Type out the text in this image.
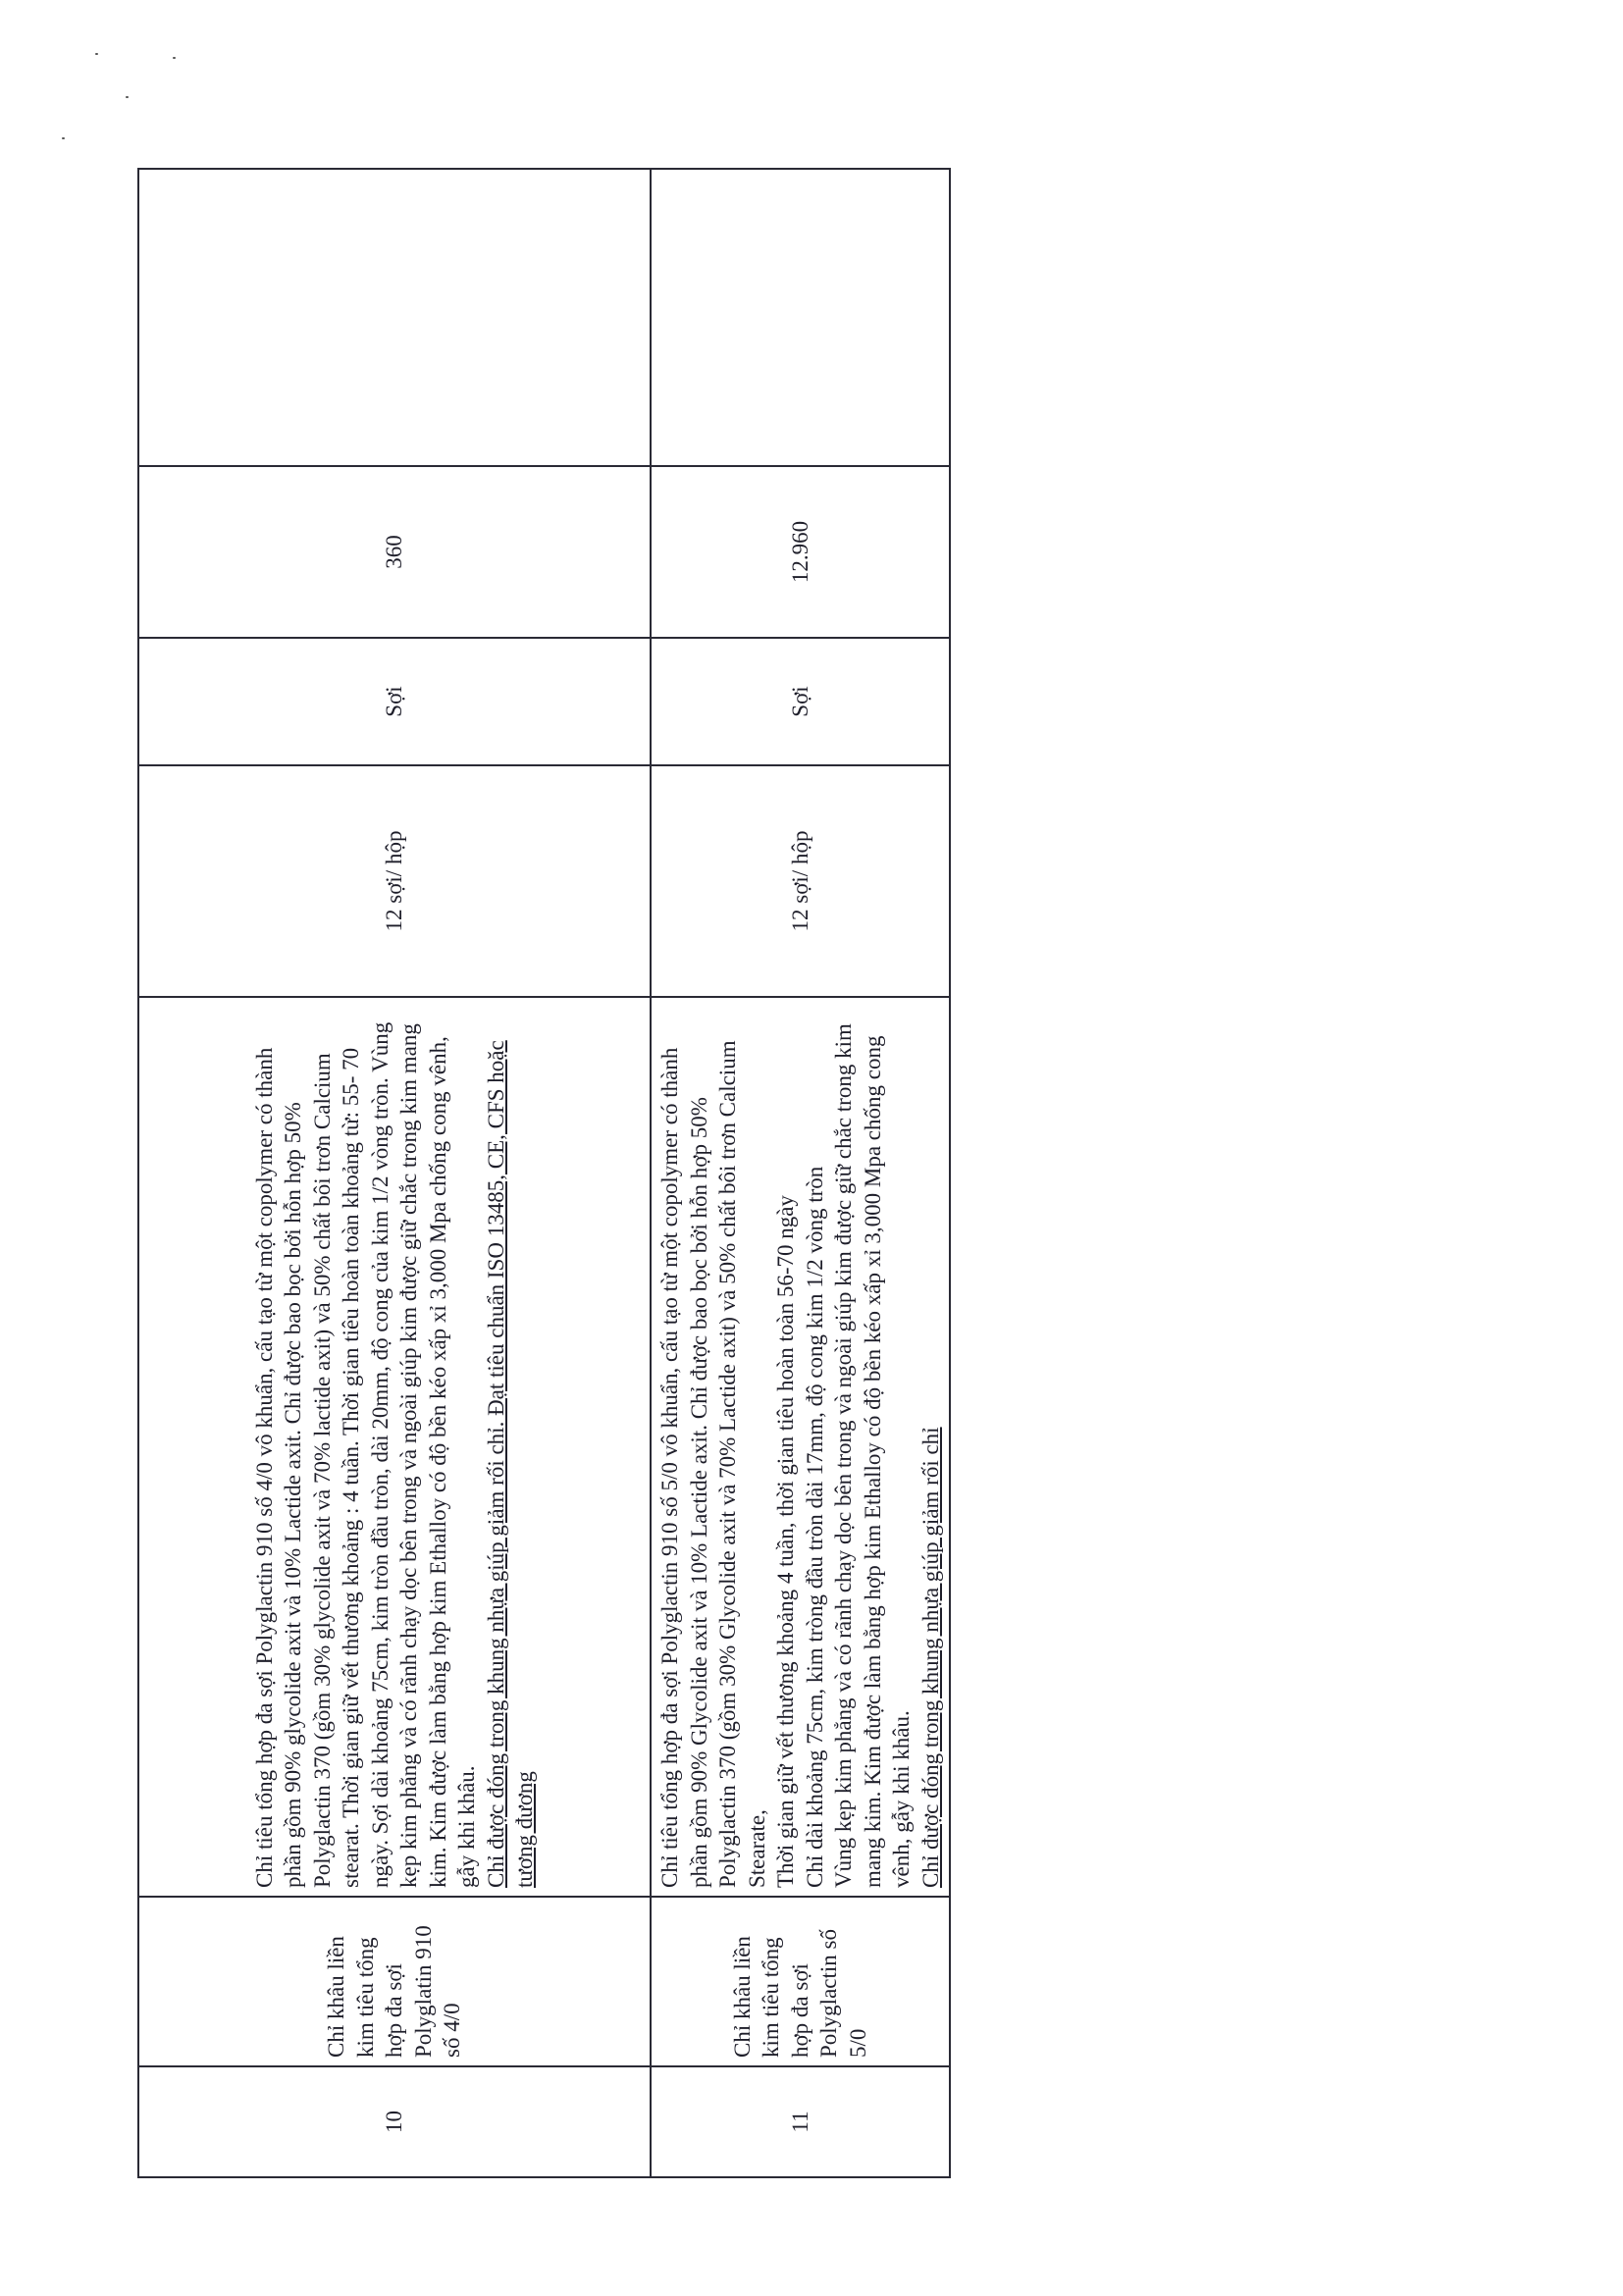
10	Chỉ khâu liền kim tiêu tổng hợp đa sợi Polyglatin 910 số 4/0	Chỉ tiêu tổng hợp đa sợi Polyglactin 910 số 4/0 vô khuẩn, cấu tạo từ một copolymer có thành phần gồm 90% glycolide axit và 10% Lactide axit. Chỉ được bao bọc bởi hỗn hợp 50% Polyglactin 370 (gồm 30% glycolide axit và 70% lactide axit) và 50% chất bôi trơn Calcium stearat. Thời gian giữ vết thương khoảng : 4 tuần. Thời gian tiêu hoàn toàn khoảng từ: 55- 70 ngày. Sợi dài khoảng 75cm, kim tròn đầu tròn, dài 20mm, độ cong của kim 1/2 vòng tròn. Vùng kẹp kim phẳng và có rãnh chạy dọc bên trong và ngoài giúp kim được giữ chắc trong kim mang kim. Kim được làm bằng hợp kim Ethalloy có độ bền kéo xấp xỉ 3,000 Mpa chống cong vênh, gẫy khi khâu. Chỉ được đóng trong khung nhựa giúp giảm rối chỉ. Đạt tiêu chuẩn ISO 13485, CE, CFS hoặc tương đương	12 sợi/ hộp	Sợi	360	
11	Chỉ khâu liền kim tiêu tổng hợp đa sợi Polyglactin số 5/0	Chỉ tiêu tổng hợp đa sợi Polyglactin 910 số 5/0 vô khuẩn, cấu tạo từ một copolymer có thành phần gồm 90% Glycolide axit và 10% Lactide axit. Chỉ được bao bọc bởi hỗn hợp 50% Polyglactin 370 (gồm 30% Glycolide axit và 70% Lactide axit) và 50% chất bôi trơn Calcium Stearate, Thời gian giữ vết thương khoảng 4 tuần, thời gian tiêu hoàn toàn 56-70 ngày Chỉ dài khoảng 75cm, kim tròng đầu tròn dài 17mm, độ cong kim 1/2 vòng tròn Vùng kẹp kim phẳng và có rãnh chạy dọc bên trong và ngoài giúp kim được giữ chắc trong kim mang kim. Kim được làm bằng hợp kim Ethalloy có độ bền kéo xấp xỉ 3,000 Mpa chống cong vênh, gẫy khi khâu. Chỉ được đóng trong khung nhựa giúp giảm rối chỉ	12 sợi/ hộp	Sợi	12.960	
